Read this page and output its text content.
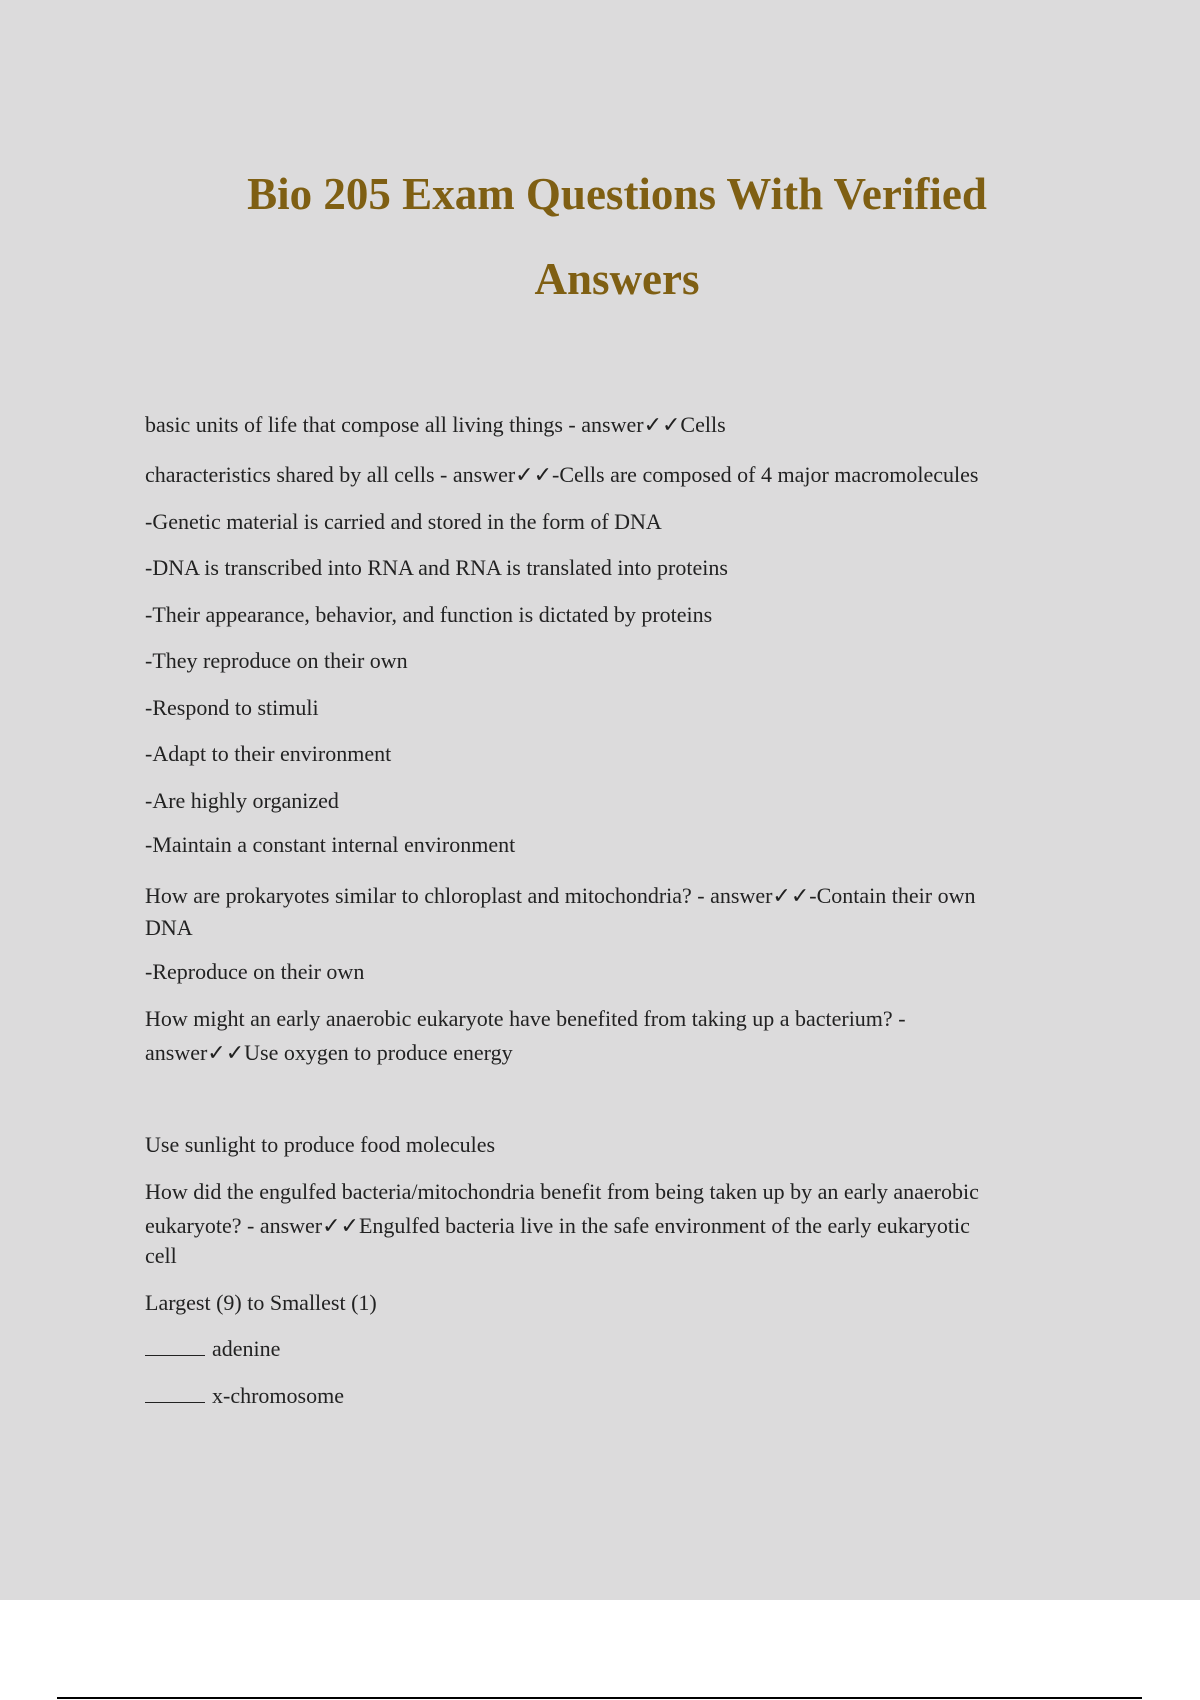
Bio 205 Exam Questions With Verified
Answers

basic units of life that compose all living things - answer✓✓Cells

characteristics shared by all cells - answer✓✓-Cells are composed of 4 major macromolecules

-Genetic material is carried and stored in the form of DNA

-DNA is transcribed into RNA and RNA is translated into proteins

-Their appearance, behavior, and function is dictated by proteins

-They reproduce on their own

-Respond to stimuli

-Adapt to their environment

-Are highly organized

-Maintain a constant internal environment

How are prokaryotes similar to chloroplast and mitochondria? - answer✓✓-Contain their own

DNA

-Reproduce on their own

How might an early anaerobic eukaryote have benefited from taking up a bacterium? -

answer✓✓Use oxygen to produce energy

Use sunlight to produce food molecules

How did the engulfed bacteria/mitochondria benefit from being taken up by an early anaerobic

eukaryote? - answer✓✓Engulfed bacteria live in the safe environment of the early eukaryotic

cell

Largest (9) to Smallest (1)

adenine

x-chromosome
